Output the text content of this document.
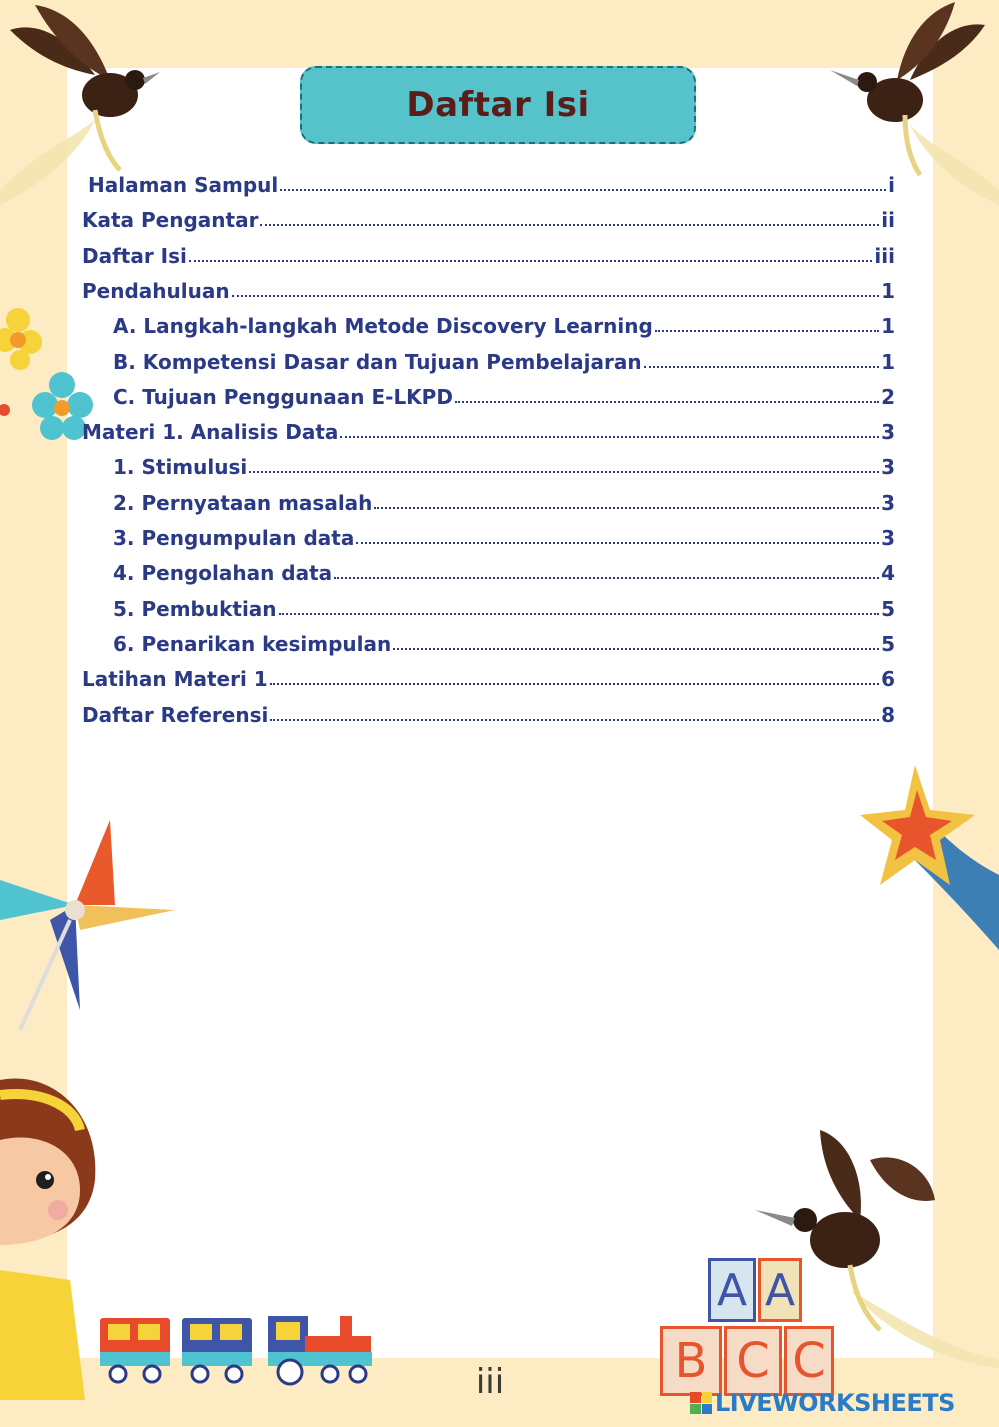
A A
B C C
Daftar Isi
Halaman Sampul	i
Kata Pengantar	ii
Daftar Isi	iii
Pendahuluan	1
A. Langkah-langkah Metode Discovery Learning	1
B. Kompetensi Dasar dan Tujuan Pembelajaran	1
C. Tujuan Penggunaan E-LKPD	2
Materi 1. Analisis Data	3
1. Stimulusi	3
2. Pernyataan masalah	3
3. Pengumpulan data	3
4. Pengolahan data	4
5. Pembuktian	5
6. Penarikan kesimpulan	5
Latihan Materi 1	6
Daftar Referensi	8
iii
LIVEWORKSHEETS
